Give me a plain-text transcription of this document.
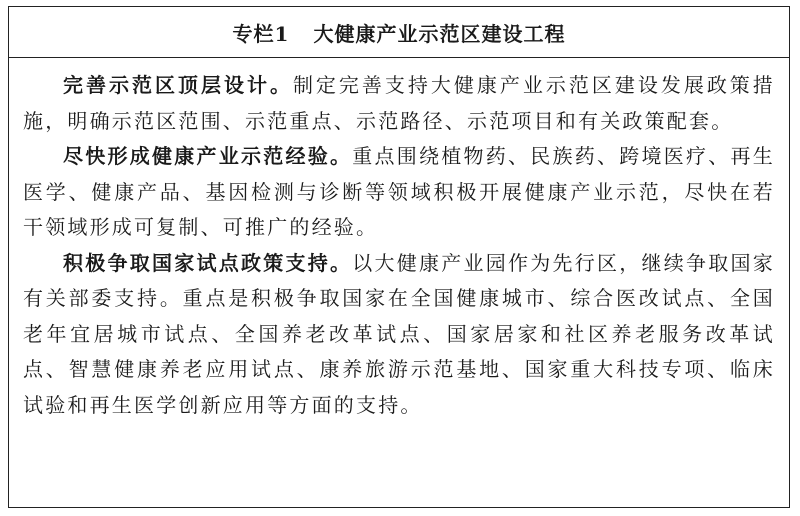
专栏1 大健康产业示范区建设工程

完善示范区顶层设计。制定完善支持大健康产业示范区建设发展政策措施，明确示范区范围、示范重点、示范路径、示范项目和有关政策配套。

尽快形成健康产业示范经验。重点围绕植物药、民族药、跨境医疗、再生医学、健康产品、基因检测与诊断等领域积极开展健康产业示范，尽快在若干领域形成可复制、可推广的经验。

积极争取国家试点政策支持。以大健康产业园作为先行区，继续争取国家有关部委支持。重点是积极争取国家在全国健康城市、综合医改试点、全国老年宜居城市试点、全国养老改革试点、国家居家和社区养老服务改革试点、智慧健康养老应用试点、康养旅游示范基地、国家重大科技专项、临床试验和再生医学创新应用等方面的支持。
